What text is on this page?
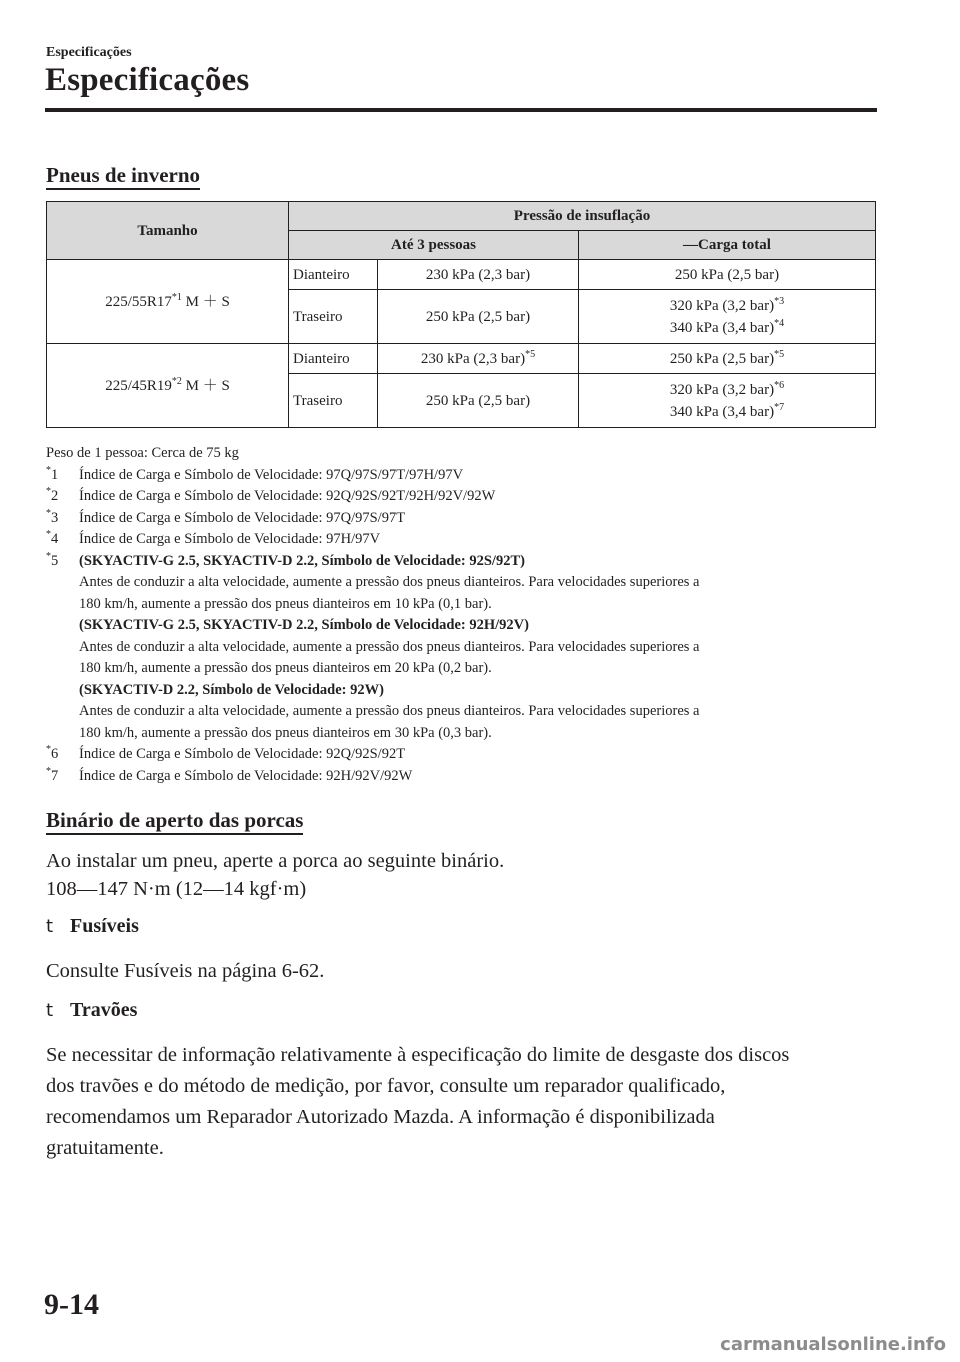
Especificações
Especificações
Pneus de inverno
Tamanho	Pressão de insuflação		
	Até 3 pessoas		—Carga total
225/55R17$^{*1}$ M ＋ S	Dianteiro	230 kPa (2,3 bar)	250 kPa (2,5 bar)
	Traseiro	250 kPa (2,5 bar)	320 kPa (3,2 bar)$^{*3}$
340 kPa (3,4 bar)$^{*4}$
225/45R19$^{*2}$ M ＋ S	Dianteiro	230 kPa (2,3 bar)$^{*5}$	250 kPa (2,5 bar)$^{*5}$
	Traseiro	250 kPa (2,5 bar)	320 kPa (3,2 bar)$^{*6}$
340 kPa (3,4 bar)$^{*7}$
Peso de 1 pessoa: Cerca de 75 kg
*1	Índice de Carga e Símbolo de Velocidade: 97Q/97S/97T/97H/97V
*2	Índice de Carga e Símbolo de Velocidade: 92Q/92S/92T/92H/92V/92W
*3	Índice de Carga e Símbolo de Velocidade: 97Q/97S/97T
*4	Índice de Carga e Símbolo de Velocidade: 97H/97V
*5	(SKYACTIV-G 2.5, SKYACTIV-D 2.2, Símbolo de Velocidade: 92S/92T)
Antes de conduzir a alta velocidade, aumente a pressão dos pneus dianteiros. Para velocidades superiores a
180 km/h, aumente a pressão dos pneus dianteiros em 10 kPa (0,1 bar).
(SKYACTIV-G 2.5, SKYACTIV-D 2.2, Símbolo de Velocidade: 92H/92V)
Antes de conduzir a alta velocidade, aumente a pressão dos pneus dianteiros. Para velocidades superiores a
180 km/h, aumente a pressão dos pneus dianteiros em 20 kPa (0,2 bar).
(SKYACTIV-D 2.2, Símbolo de Velocidade: 92W)
Antes de conduzir a alta velocidade, aumente a pressão dos pneus dianteiros. Para velocidades superiores a
180 km/h, aumente a pressão dos pneus dianteiros em 30 kPa (0,3 bar).
*6	Índice de Carga e Símbolo de Velocidade: 92Q/92S/92T
*7	Índice de Carga e Símbolo de Velocidade: 92H/92V/92W
Binário de aperto das porcas
Ao instalar um pneu, aperte a porca ao seguinte binário.
108―147 N·m (12―14 kgf·m)
t Fusíveis
Consulte Fusíveis na página 6-62.
t Travões
Se necessitar de informação relativamente à especificação do limite de desgaste dos discos
dos travões e do método de medição, por favor, consulte um reparador qualificado,
recomendamos um Reparador Autorizado Mazda. A informação é disponibilizada
gratuitamente.
9-14
carmanualsonline.info
